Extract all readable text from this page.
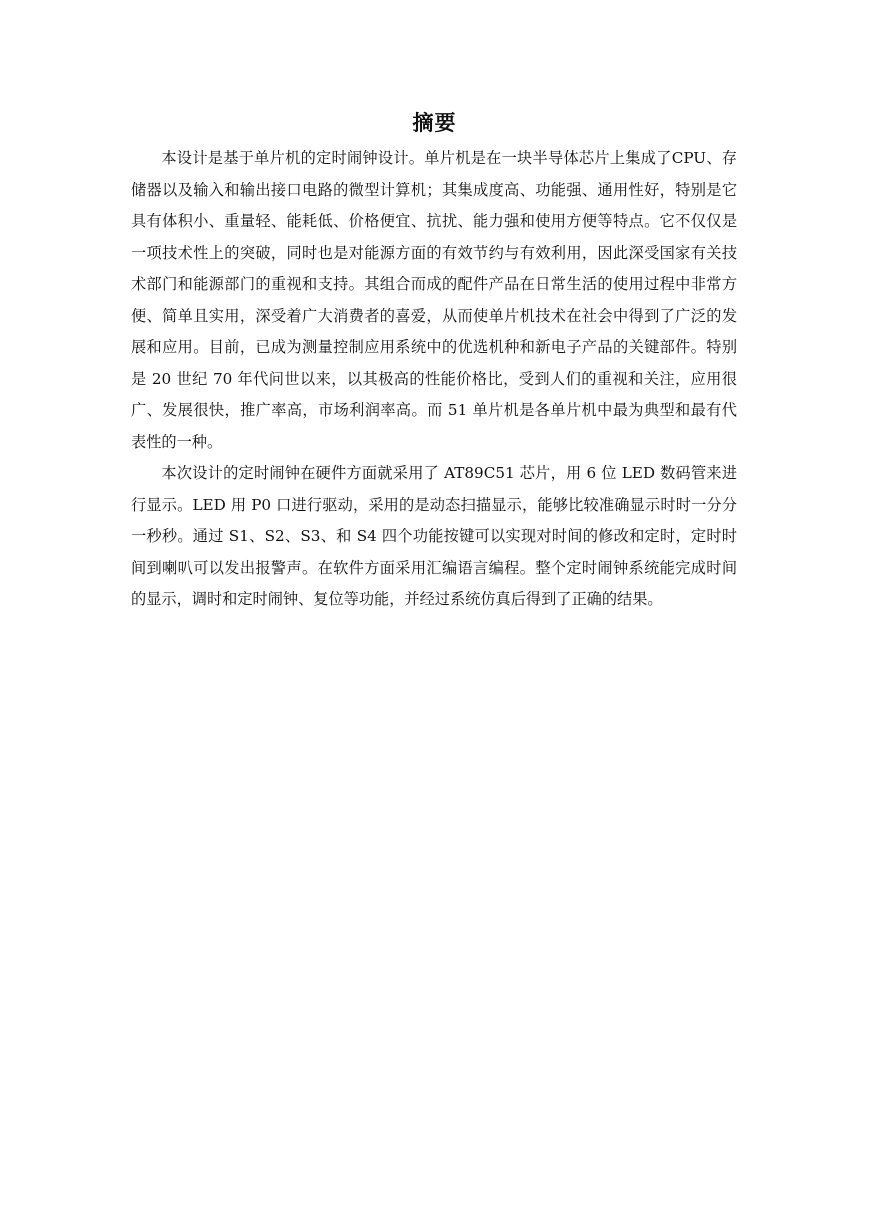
摘要

本设计是基于单片机的定时闹钟设计。单片机是在一块半导体芯片上集成了CPU、存储器以及输入和输出接口电路的微型计算机；其集成度高、功能强、通用性好，特别是它具有体积小、重量轻、能耗低、价格便宜、抗扰、能力强和使用方便等特点。它不仅仅是一项技术性上的突破，同时也是对能源方面的有效节约与有效利用，因此深受国家有关技术部门和能源部门的重视和支持。其组合而成的配件产品在日常生活的使用过程中非常方便、简单且实用，深受着广大消费者的喜爱，从而使单片机技术在社会中得到了广泛的发展和应用。目前，已成为测量控制应用系统中的优选机种和新电子产品的关键部件。特别是 20 世纪 70 年代问世以来，以其极高的性能价格比，受到人们的重视和关注，应用很广、发展很快，推广率高，市场利润率高。而 51 单片机是各单片机中最为典型和最有代表性的一种。

本次设计的定时闹钟在硬件方面就采用了 AT89C51 芯片，用 6 位 LED 数码管来进行显示。LED 用 P0 口进行驱动，采用的是动态扫描显示，能够比较准确显示时时一分分一秒秒。通过 S1、S2、S3、和 S4 四个功能按键可以实现对时间的修改和定时，定时时间到喇叭可以发出报警声。在软件方面采用汇编语言编程。整个定时闹钟系统能完成时间的显示，调时和定时闹钟、复位等功能，并经过系统仿真后得到了正确的结果。
